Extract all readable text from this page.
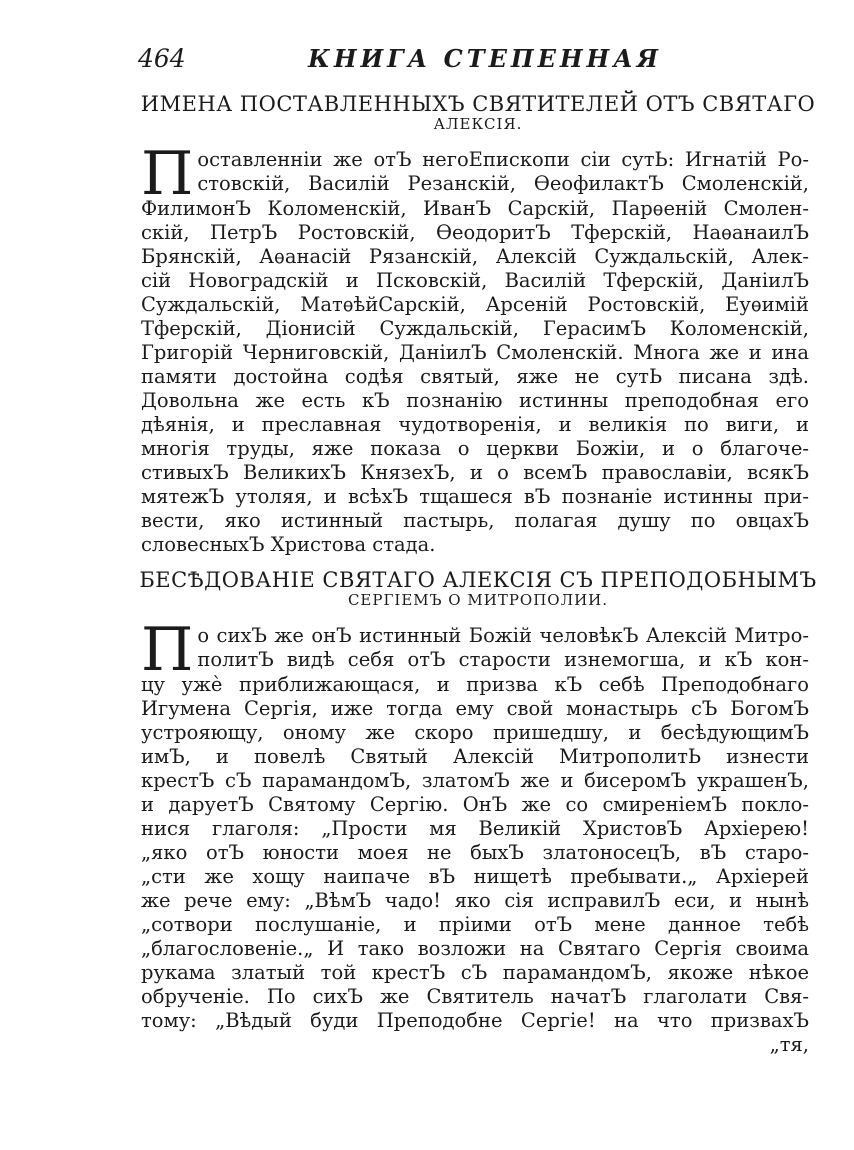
464	КНИГА СТЕПЕННАЯ
ИМЕНА ПОСТАВЛЕННЫХЪ СВЯТИТЕЛЕЙ ОТЪ СВЯТАГО
АЛЕКСІЯ.
П оставленніи же отЪ негоЕпископи сіи сутЬ: Игнатій Ро-
стовскій, Василій Резанскій, ѲеофилактЪ Смоленскій,
ФилимонЪ Коломенскій, ИванЪ Сарскій, Парѳеній Смолен-
скій, ПетрЪ Ростовскій, ѲеодоритЪ Тферскій, НаѳанаилЪ
Брянскій, Аѳанасій Рязанскій, Алексій Суждальскій, Алек-
сій Новоградскій и Псковскій, Василій Тферскій, ДаніилЪ
Суждальскій, МатѳѣйСарскій, Арсеній Ростовскій, Еуѳимій
Тферскій, Діонисій Суждальскій, ГерасимЪ Коломенскій,
Григорій Черниговскій, ДаніилЪ Смоленскій. Многа же и ина
памяти достойна содѣя святый, яже не сутЬ писана здѣ.
Довольна же есть кЪ познанію истинны преподобная его
дѣянія, и преславная чудотворенія, и великія по виги, и
многія труды, яже показа о церкви Божіи, и о благоче-
стивыхЪ ВеликихЪ КнязехЪ, и о всемЪ православіи, всякЪ
мятежЪ утоляя, и всѣхЪ тщашеся вЪ познаніе истинны при-
вести, яко истинный пастырь, полагая душу по овцахЪ
словесныхЪ Христова стада.
БЕСѢДОВАНІЕ СВЯТАГО АЛЕКСІЯ СЪ ПРЕПОДОБНЫМЪ
СЕРГІЕМЪ О МИТРОПОЛИИ.
П о сихЪ же онЪ истинный Божій человѣкЪ Алексій Митро-
политЪ видѣ себя отЪ старости изнемогша, и кЪ кон-
цу ужѐ приближающася, и призва кЪ себѣ Преподобнаго
Игумена Сергія, иже тогда ему свой монастырь сЪ БогомЪ
устрояющу, оному же скоро пришедшу, и бесѣдующимЪ
имЪ, и повелѣ Святый Алексій МитрополитЬ изнести
крестЪ сЪ парамандомЪ, златомЪ же и бисеромЪ украшенЪ,
и даруетЪ Святому Сергію. ОнЪ же со смиреніемЪ покло-
нися глаголя: „Прости мя Великій ХристовЪ Архіерею!
„яко отЪ юности моея не быхЪ златоносецЪ, вЪ старо-
„сти же хощу наипаче вЪ нищетѣ пребывати.„ Архіерей
же рече ему: „ВѣмЪ чадо! яко сія исправилЪ еси, и нынѣ
„сотвори послушаніе, и пріими отЪ мене данное тебѣ
„благословеніе.„ И тако возложи на Святаго Сергія своима
рукама златый той крестЪ сЪ парамандомЪ, якоже нѣкое
обрученіе. По сихЪ же Святитель начатЪ глаголати Свя-
тому: „Вѣдый буди Преподобне Сергіе! на что призвахЪ
„тя,
